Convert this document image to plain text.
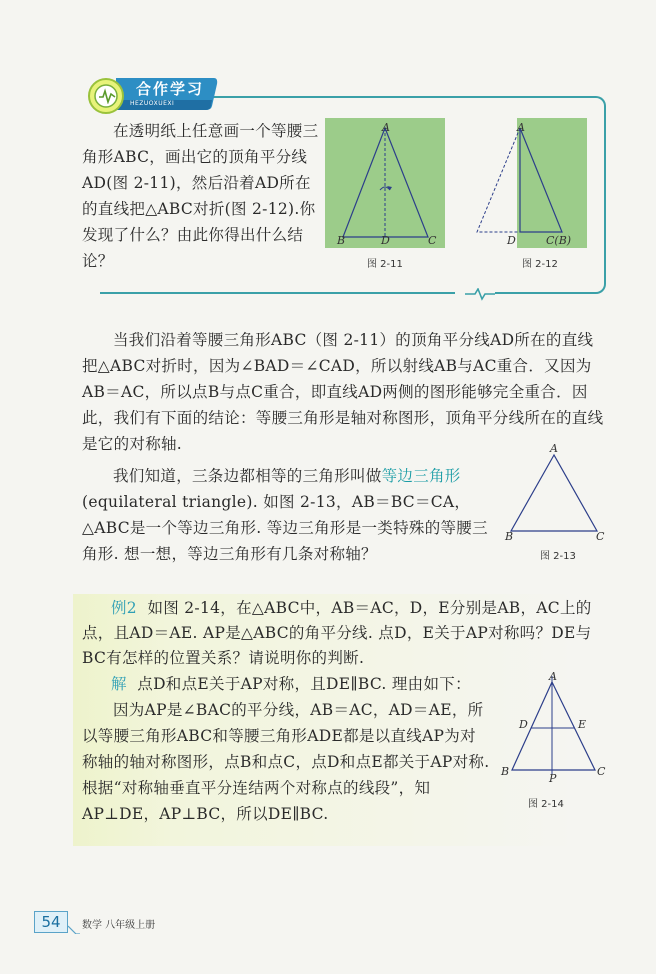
合作学习
HEZUOXUEXI
在透明纸上任意画一个等腰三角形ABC，画出它的顶角平分线AD(图 2-11)，然后沿着AD所在的直线把△ABC对折(图 2-12).你发现了什么？由此你得出什么结论？
A
B	D	C
图 2-11
A
D	C(B)
图 2-12
当我们沿着等腰三角形ABC（图 2-11）的顶角平分线AD所在的直线把△ABC对折时，因为∠BAD＝∠CAD，所以射线AB与AC重合．又因为AB＝AC，所以点B与点C重合，即直线AD两侧的图形能够完全重合．因此，我们有下面的结论：等腰三角形是轴对称图形，顶角平分线所在的直线是它的对称轴.
我们知道，三条边都相等的三角形叫做等边三角形(equilateral triangle). 如图 2-13，AB＝BC＝CA，△ABC是一个等边三角形. 等边三角形是一类特殊的等腰三角形. 想一想，等边三角形有几条对称轴？
A
B	C
图 2-13
例2 如图 2-14，在△ABC中，AB＝AC，D，E分别是AB，AC上的点，且AD＝AE. AP是△ABC的角平分线. 点D，E关于AP对称吗？DE与BC有怎样的位置关系？请说明你的判断.
解 点D和点E关于AP对称，且DE∥BC. 理由如下：
因为AP是∠BAC的平分线，AB＝AC，AD＝AE，所以等腰三角形ABC和等腰三角形ADE都是以直线AP为对称轴的轴对称图形，点B和点C，点D和点E都关于AP对称. 根据“对称轴垂直平分连结两个对称点的线段”，知AP⊥DE，AP⊥BC，所以DE∥BC.
A
D	E
B
P
C
图 2-14
54	数学 八年级上册
